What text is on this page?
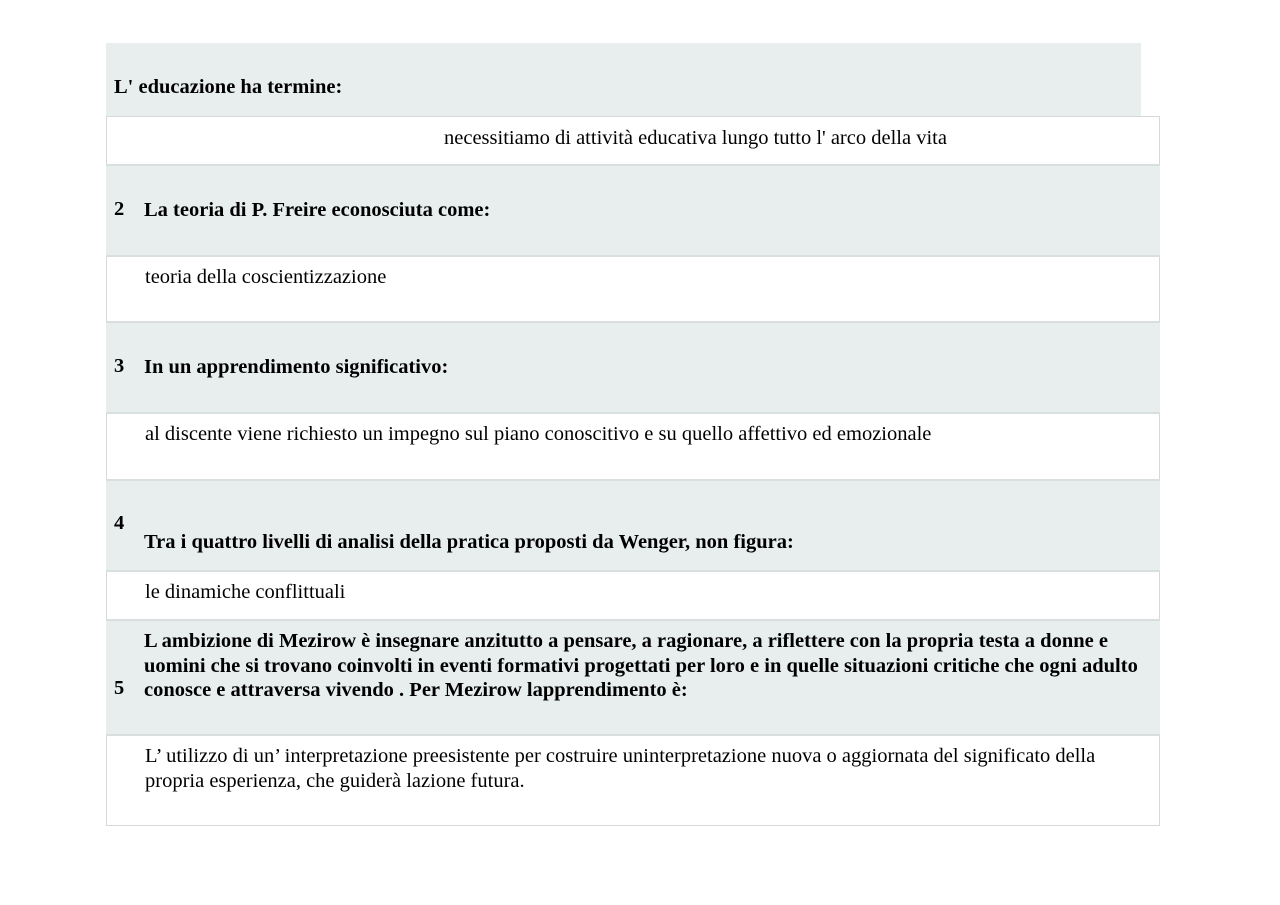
L' educazione ha termine:
necessitiamo di attività educativa lungo tutto l' arco della vita
2 La teoria di P. Freire econosciuta come:
teoria della coscientizzazione
3 In un apprendimento significativo:
al discente viene richiesto un impegno sul piano conoscitivo e su quello affettivo ed emozionale
4
Tra i quattro livelli di analisi della pratica proposti da Wenger, non figura:
le dinamiche conflittuali
5
L ambizione di Mezirow è insegnare anzitutto a pensare, a ragionare, a riflettere con la propria testa a donne e uomini che si trovano coinvolti in eventi formativi progettati per loro e in quelle situazioni critiche che ogni adulto conosce e attraversa vivendo . Per Mezirow lapprendimento è:
L’ utilizzo di un’ interpretazione preesistente per costruire uninterpretazione nuova o aggiornata del significato della propria esperienza, che guiderà lazione futura.
